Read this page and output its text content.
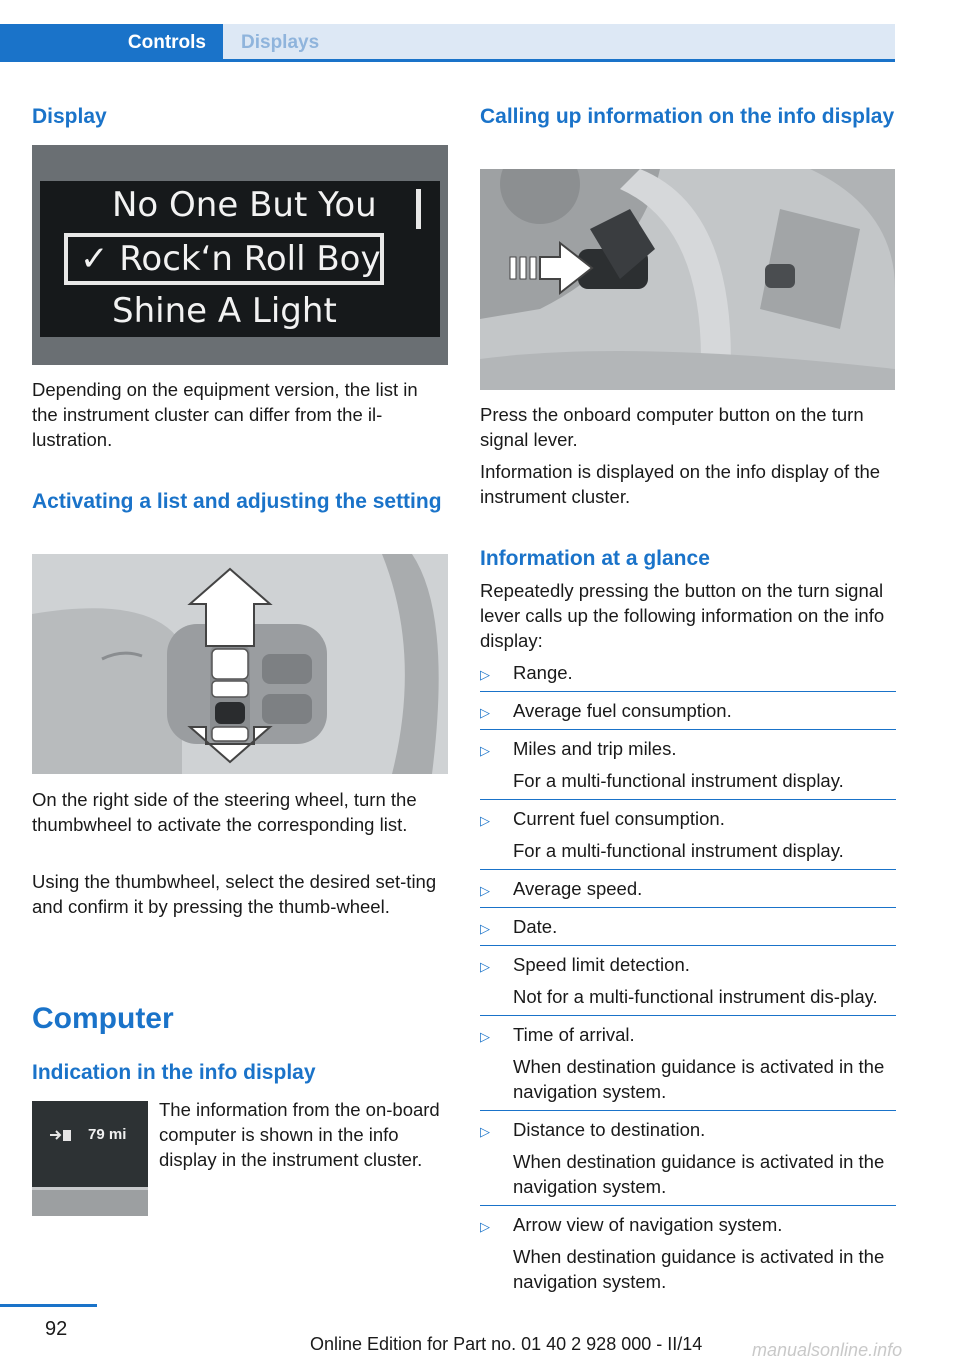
Controls	Displays
Display
No One But You
✓ Rock‘n Roll Boy
Shine A Light

Depending on the equipment version, the list in the instrument cluster can differ from the il-lustration.

Activating a list and adjusting the setting

On the right side of the steering wheel, turn the thumbwheel to activate the corresponding list.

Using the thumbwheel, select the desired set-ting and confirm it by pressing the thumb-wheel.

Computer
Indication in the info display
79 mi

The information from the on-board computer is shown in the info display in the instrument cluster.

Calling up information on the info display

Press the onboard computer button on the turn signal lever.

Information is displayed on the info display of the instrument cluster.

Information at a glance

Repeatedly pressing the button on the turn signal lever calls up the following information on the info display:

▷	Range.
▷	Average fuel consumption.
▷	Miles and trip miles.
For a multi-functional instrument display.
▷	Current fuel consumption.
For a multi-functional instrument display.
▷	Average speed.
▷	Date.
▷	Speed limit detection.
Not for a multi-functional instrument dis-play.
▷	Time of arrival.
When destination guidance is activated in the navigation system.
▷	Distance to destination.
When destination guidance is activated in the navigation system.
▷	Arrow view of navigation system.
When destination guidance is activated in the navigation system.
92
Online Edition for Part no. 01 40 2 928 000 - II/14	manualsonline.info
